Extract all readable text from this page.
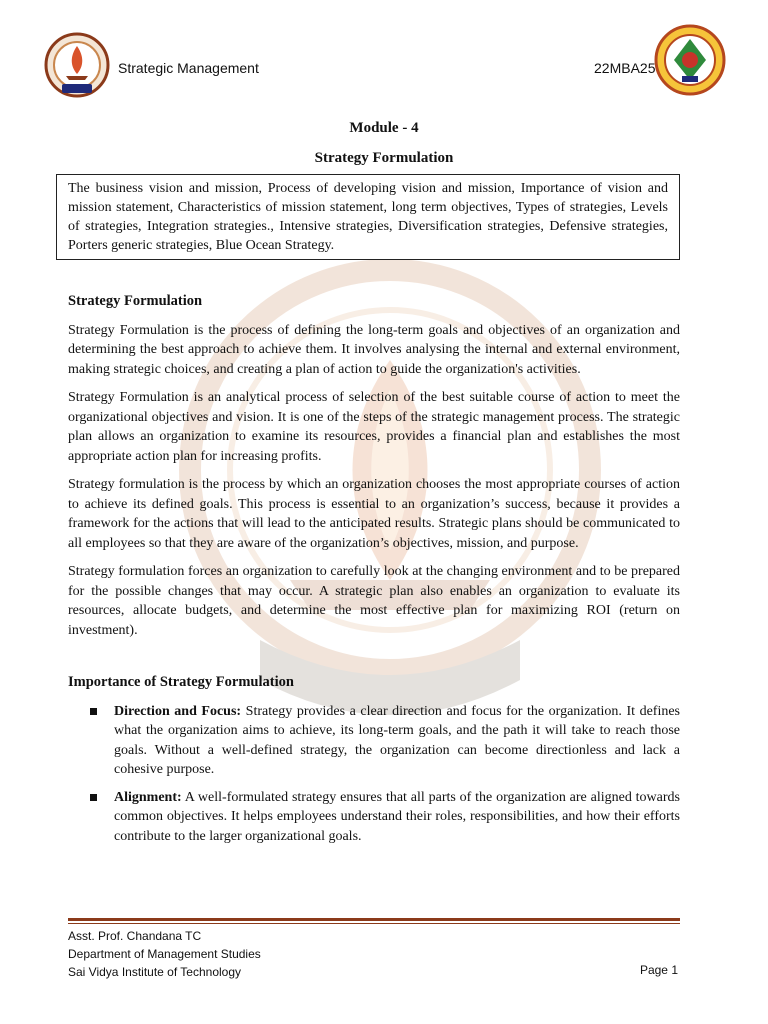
Strategic Management	22MBA25
Module - 4
Strategy Formulation
The business vision and mission, Process of developing vision and mission, Importance of vision and mission statement, Characteristics of mission statement, long term objectives, Types of strategies, Levels of strategies, Integration strategies., Intensive strategies, Diversification strategies, Defensive strategies, Porters generic strategies, Blue Ocean Strategy.
Strategy Formulation

Strategy Formulation is the process of defining the long-term goals and objectives of an organization and determining the best approach to achieve them. It involves analysing the internal and external environment, making strategic choices, and creating a plan of action to guide the organization's activities.

Strategy Formulation is an analytical process of selection of the best suitable course of action to meet the organizational objectives and vision. It is one of the steps of the strategic management process. The strategic plan allows an organization to examine its resources, provides a financial plan and establishes the most appropriate action plan for increasing profits.

Strategy formulation is the process by which an organization chooses the most appropriate courses of action to achieve its defined goals. This process is essential to an organization’s success, because it provides a framework for the actions that will lead to the anticipated results. Strategic plans should be communicated to all employees so that they are aware of the organization’s objectives, mission, and purpose.

Strategy formulation forces an organization to carefully look at the changing environment and to be prepared for the possible changes that may occur. A strategic plan also enables an organization to evaluate its resources, allocate budgets, and determine the most effective plan for maximizing ROI (return on investment).

Importance of Strategy Formulation
Direction and Focus: Strategy provides a clear direction and focus for the organization. It defines what the organization aims to achieve, its long-term goals, and the path it will take to reach those goals. Without a well-defined strategy, the organization can become directionless and lack a cohesive purpose.
Alignment: A well-formulated strategy ensures that all parts of the organization are aligned towards common objectives. It helps employees understand their roles, responsibilities, and how their efforts contribute to the larger organizational goals.
Asst. Prof. Chandana TC
Department of Management Studies
Sai Vidya Institute of Technology	Page 1
